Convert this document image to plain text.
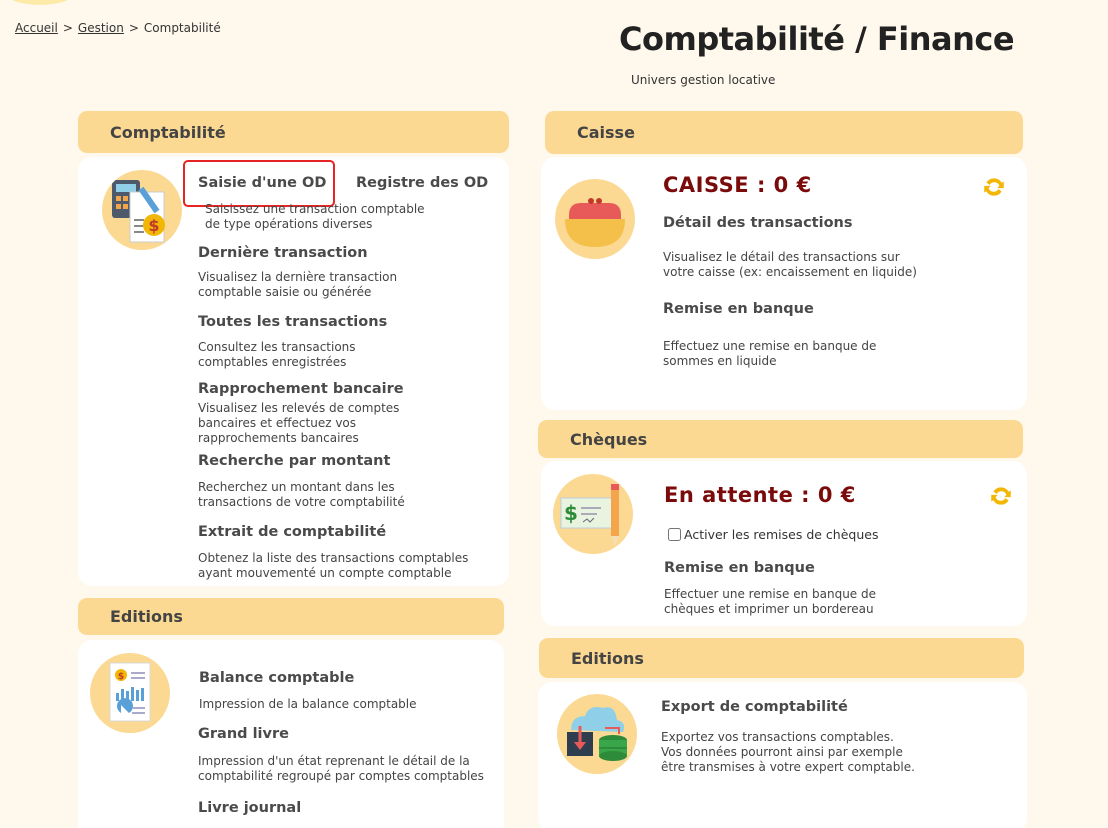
Accueil > Gestion > Comptabilité	Comptabilité / Finance
Univers gestion locative
Comptabilité
$
Saisie d'une OD Registre des OD
Saisissez une transaction comptable
de type opérations diverses
Dernière transaction
Visualisez la dernière transaction
comptable saisie ou générée
Toutes les transactions
Consultez les transactions
comptables enregistrées
Rapprochement bancaire
Visualisez les relevés de comptes
bancaires et effectuez vos
rapprochements bancaires
Recherche par montant
Recherchez un montant dans les
transactions de votre comptabilité
Extrait de comptabilité
Obtenez la liste des transactions comptables
ayant mouvementé un compte comptable
Editions
$	Balance comptable
Impression de la balance comptable
Grand livre
Impression d'un état reprenant le détail de la
comptabilité regroupé par comptes comptables
Livre journal
Caisse
CAISSE : 0 €
Détail des transactions
Visualisez le détail des transactions sur
votre caisse (ex: encaissement en liquide)
Remise en banque
Effectuez une remise en banque de
sommes en liquide
Chèques
$
En attente : 0 €
Activer les remises de chèques
Remise en banque
Effectuer une remise en banque de
chèques et imprimer un bordereau
Editions
Export de comptabilité
Exportez vos transactions comptables.
Vos données pourront ainsi par exemple
être transmises à votre expert comptable.
